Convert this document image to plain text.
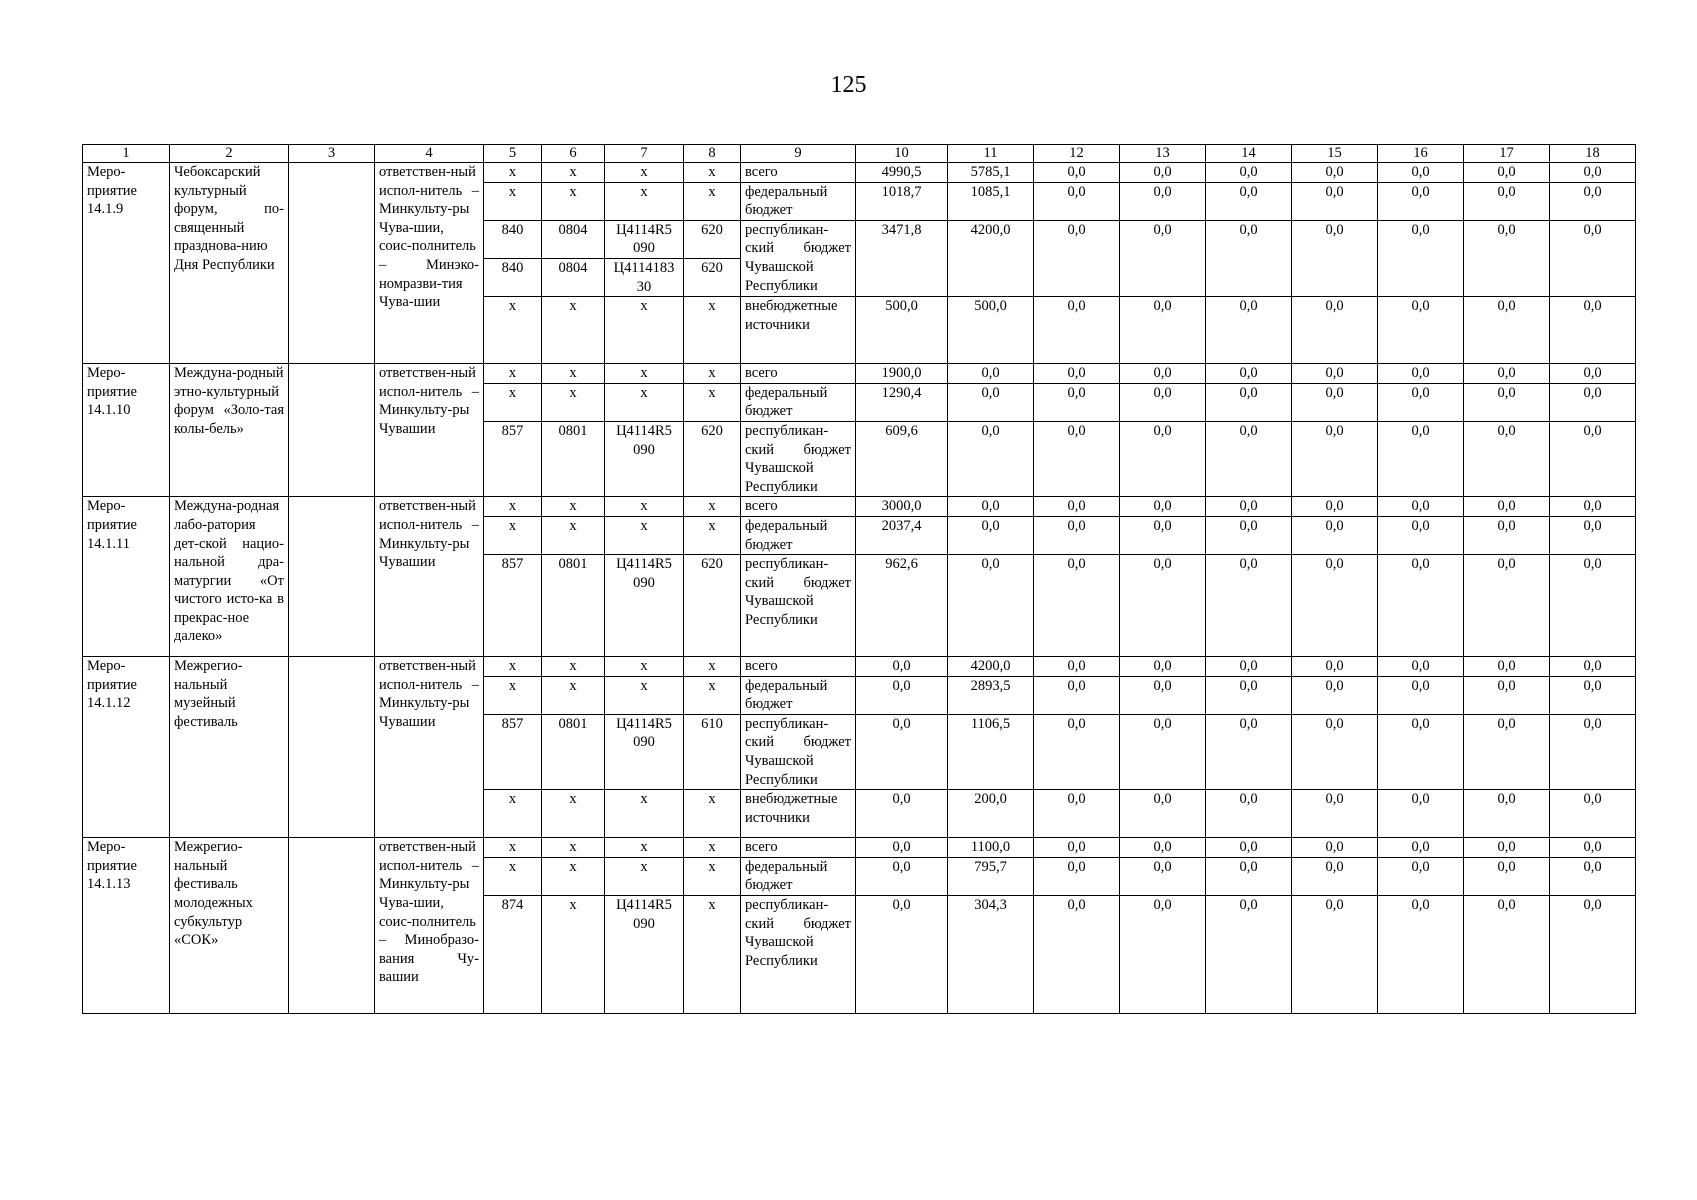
125
1	2	3	4	5	6	7	8	9	10	11	12	13	14	15	16	17	18
Меро-
приятие
14.1.9	Чебоксарский культурный форум, по-священный празднова-нию Дня Республики		ответствен-ный испол-нитель – Минкульту-ры Чува-шии, соис-полнитель – Минэко-номразви-тия Чува-шии	x	x	x	x	всего	4990,5	5785,1	0,0	0,0	0,0	0,0	0,0	0,0	0,0
				x	x	x	x	федеральный бюджет	1018,7	1085,1	0,0	0,0	0,0	0,0	0,0	0,0	0,0
				840	0804	Ц4114R5 090	620	республикан-ский бюджет Чувашской Республики	3471,8	4200,0	0,0	0,0	0,0	0,0	0,0	0,0	0,0
				840	0804	Ц4114183 30	620										
				x	x	x	x	внебюджетные источники	500,0	500,0	0,0	0,0	0,0	0,0	0,0	0,0	0,0
Меро-
приятие
14.1.10	Междуна-родный этно-культурный форум «Золо-тая колы-бель»		ответствен-ный испол-нитель – Минкульту-ры Чувашии	x	x	x	x	всего	1900,0	0,0	0,0	0,0	0,0	0,0	0,0	0,0	0,0
				x	x	x	x	федеральный бюджет	1290,4	0,0	0,0	0,0	0,0	0,0	0,0	0,0	0,0
				857	0801	Ц4114R5 090	620	республикан-ский бюджет Чувашской Республики	609,6	0,0	0,0	0,0	0,0	0,0	0,0	0,0	0,0
Меро-
приятие
14.1.11	Междуна-родная лабо-ратория дет-ской нацио-нальной дра-матургии «От чистого исто-ка в прекрас-ное далеко»		ответствен-ный испол-нитель – Минкульту-ры Чувашии	x	x	x	x	всего	3000,0	0,0	0,0	0,0	0,0	0,0	0,0	0,0	0,0
				x	x	x	x	федеральный бюджет	2037,4	0,0	0,0	0,0	0,0	0,0	0,0	0,0	0,0
				857	0801	Ц4114R5 090	620	республикан-ский бюджет Чувашской Республики	962,6	0,0	0,0	0,0	0,0	0,0	0,0	0,0	0,0
Меро-
приятие
14.1.12	Межрегио-нальный музейный фестиваль		ответствен-ный испол-нитель – Минкульту-ры Чувашии	x	x	x	x	всего	0,0	4200,0	0,0	0,0	0,0	0,0	0,0	0,0	0,0
				x	x	x	x	федеральный бюджет	0,0	2893,5	0,0	0,0	0,0	0,0	0,0	0,0	0,0
				857	0801	Ц4114R5 090	610	республикан-ский бюджет Чувашской Республики	0,0	1106,5	0,0	0,0	0,0	0,0	0,0	0,0	0,0
				x	x	x	x	внебюджетные источники	0,0	200,0	0,0	0,0	0,0	0,0	0,0	0,0	0,0
Меро-
приятие
14.1.13	Межрегио-нальный фестиваль молодежных субкультур «СОК»		ответствен-ный испол-нитель – Минкульту-ры Чува-шии, соис-полнитель – Минобразо-вания Чу-вашии	x	x	x	x	всего	0,0	1100,0	0,0	0,0	0,0	0,0	0,0	0,0	0,0
				x	x	x	x	федеральный бюджет	0,0	795,7	0,0	0,0	0,0	0,0	0,0	0,0	0,0
				874	x	Ц4114R5 090	x	республикан-ский бюджет Чувашской Республики	0,0	304,3	0,0	0,0	0,0	0,0	0,0	0,0	0,0
